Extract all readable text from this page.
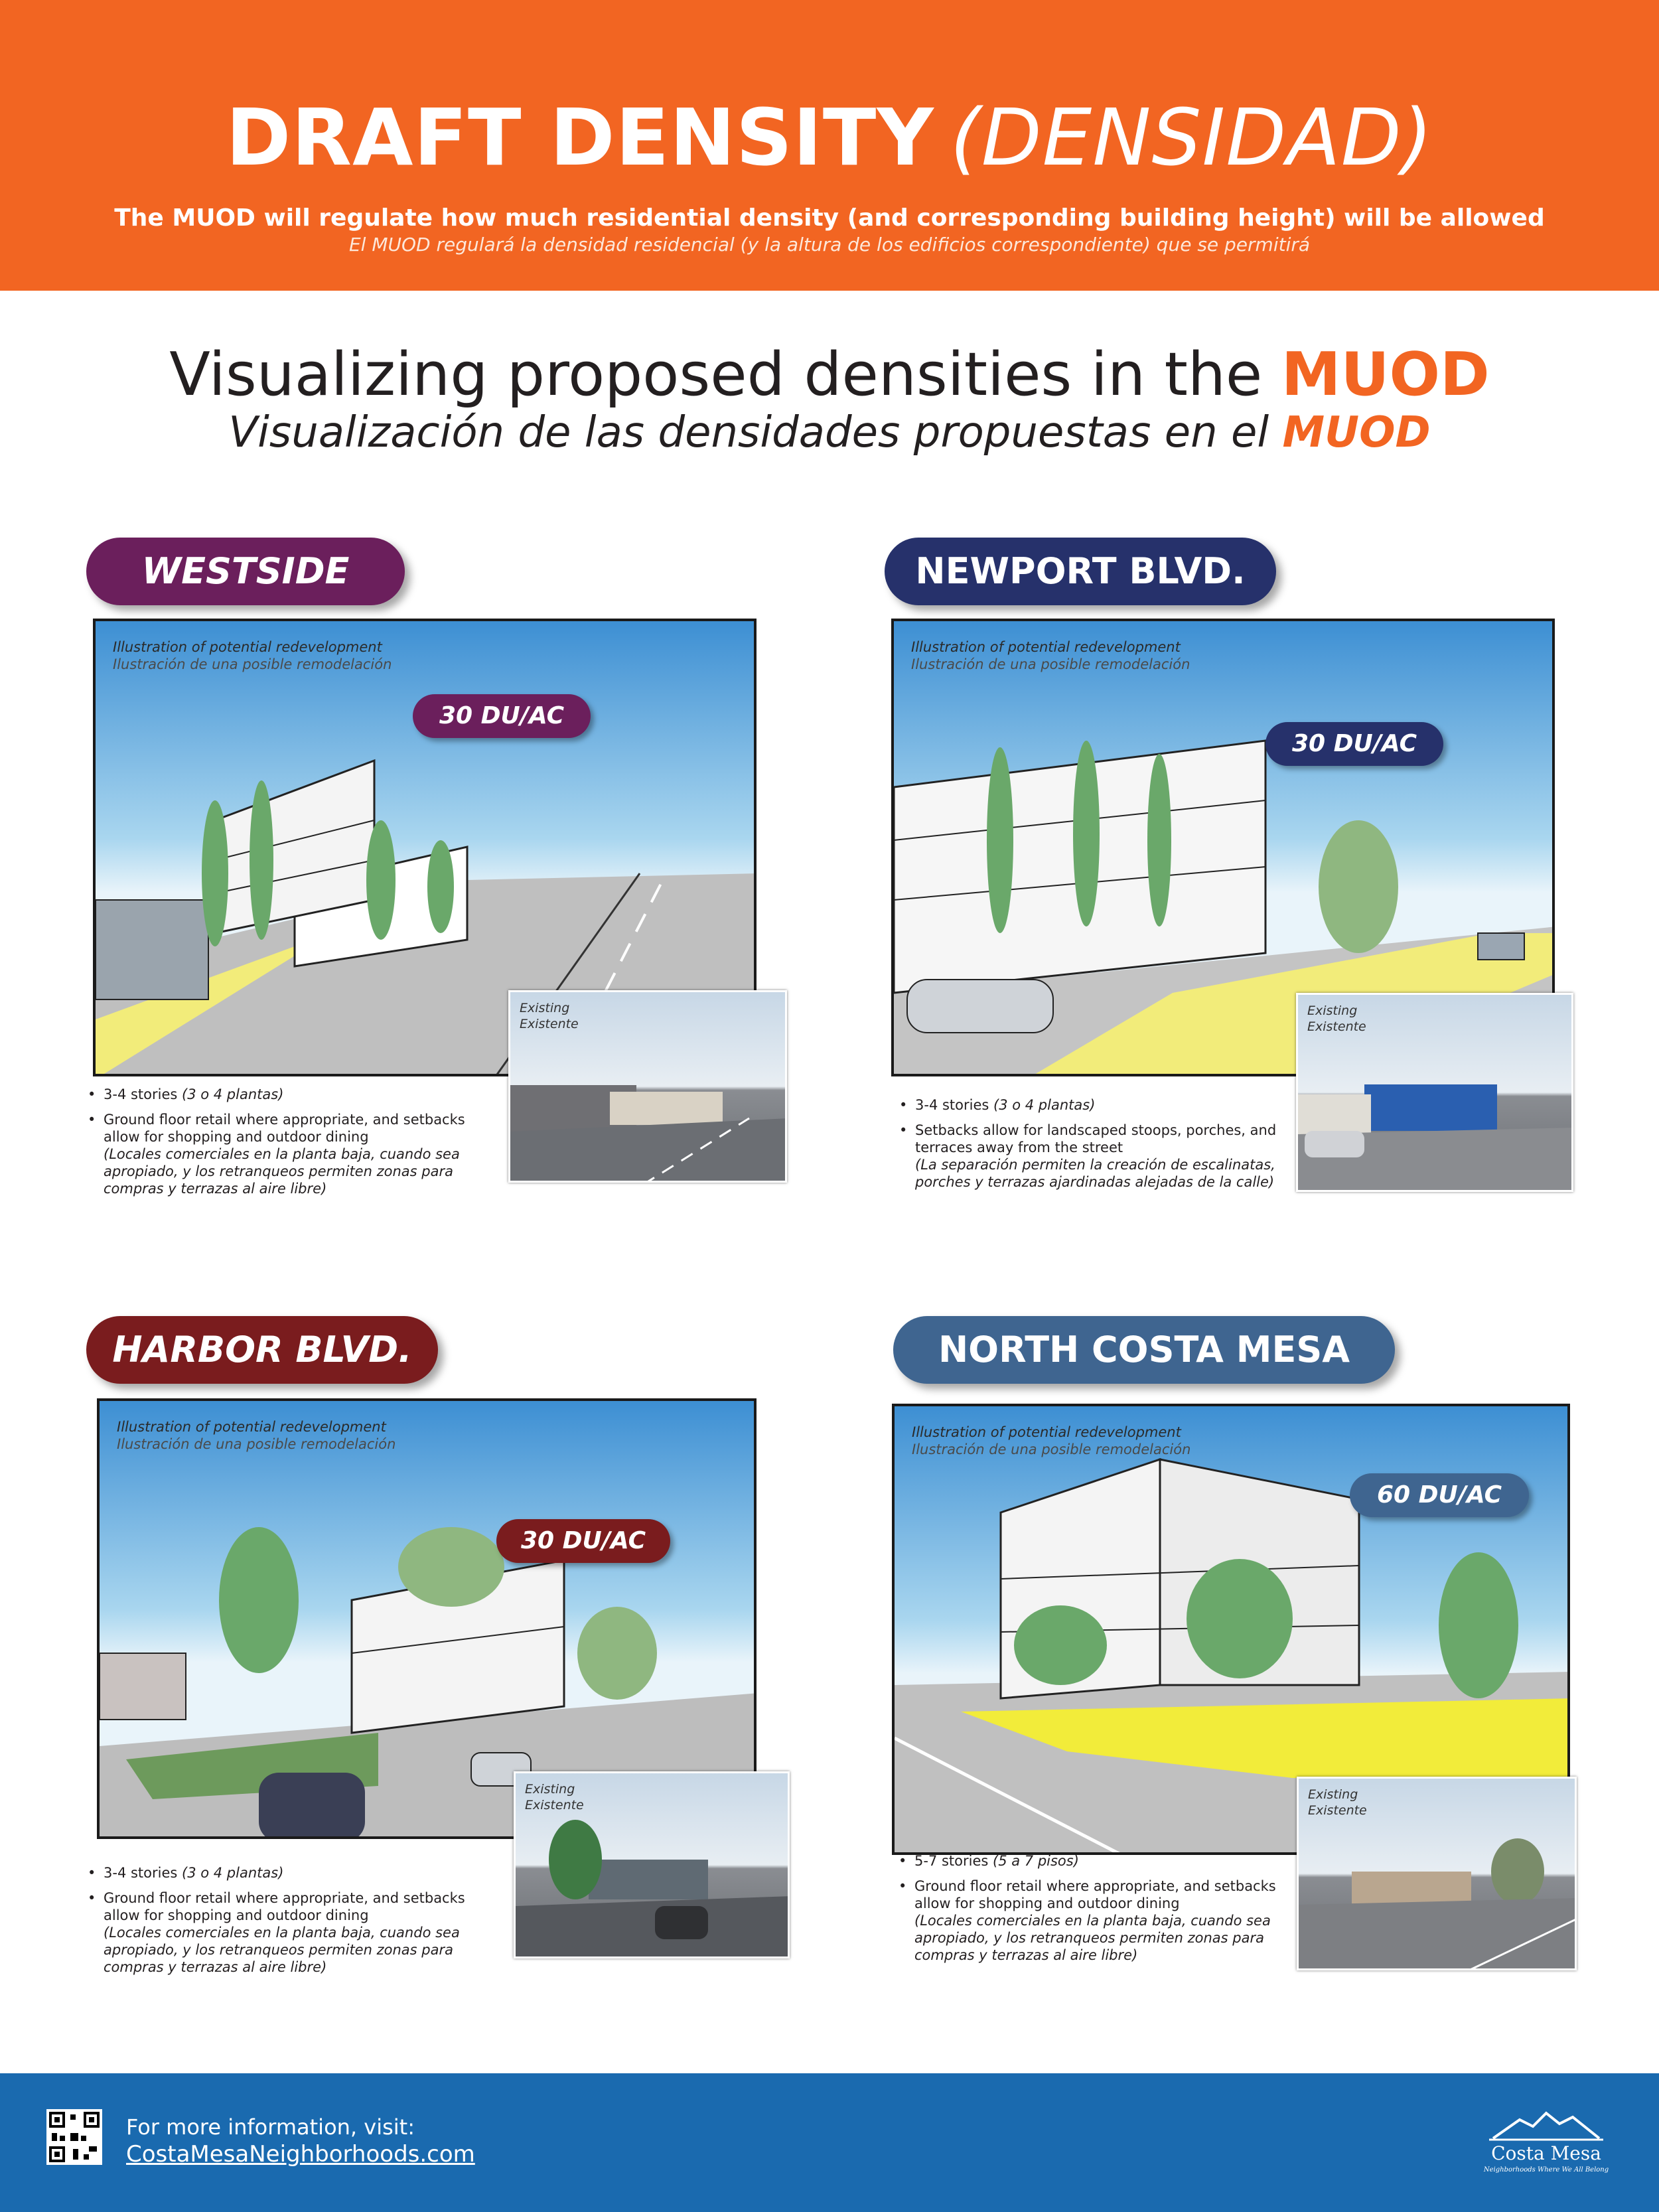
DRAFT DENSITY (DENSIDAD)
The MUOD will regulate how much residential density (and corresponding building height) will be allowed
El MUOD regulará la densidad residencial (y la altura de los edificios correspondiente) que se permitirá
Visualizing proposed densities in the MUOD
Visualización de las densidades propuestas en el MUOD
WESTSIDE
Illustration of potential redevelopment
Ilustración de una posible remodelación
30 DU/AC
Existing
Existente
• 3-4 stories (3 o 4 plantas)
• Ground floor retail where appropriate, and setbacks allow for shopping and outdoor dining
(Locales comerciales en la planta baja, cuando sea apropiado, y los retranqueos permiten zonas para compras y terrazas al aire libre)
NEWPORT BLVD.
Illustration of potential redevelopment
Ilustración de una posible remodelación
30 DU/AC
Existing
Existente
• 3-4 stories (3 o 4 plantas)
• Setbacks allow for landscaped stoops, porches, and terraces away from the street
(La separación permiten la creación de escalinatas, porches y terrazas ajardinadas alejadas de la calle)
HARBOR BLVD.
Illustration of potential redevelopment
Ilustración de una posible remodelación
30 DU/AC
Existing
Existente
• 3-4 stories (3 o 4 plantas)
• Ground floor retail where appropriate, and setbacks allow for shopping and outdoor dining
(Locales comerciales en la planta baja, cuando sea apropiado, y los retranqueos permiten zonas para compras y terrazas al aire libre)
NORTH COSTA MESA
Illustration of potential redevelopment
Ilustración de una posible remodelación
60 DU/AC
Existing
Existente
• 5-7 stories (5 a 7 pisos)
• Ground floor retail where appropriate, and setbacks allow for shopping and outdoor dining
(Locales comerciales en la planta baja, cuando sea apropiado, y los retranqueos permiten zonas para compras y terrazas al aire libre)
For more information, visit:
CostaMesaNeighborhoods.com	Costa Mesa
Neighborhoods Where We All Belong
